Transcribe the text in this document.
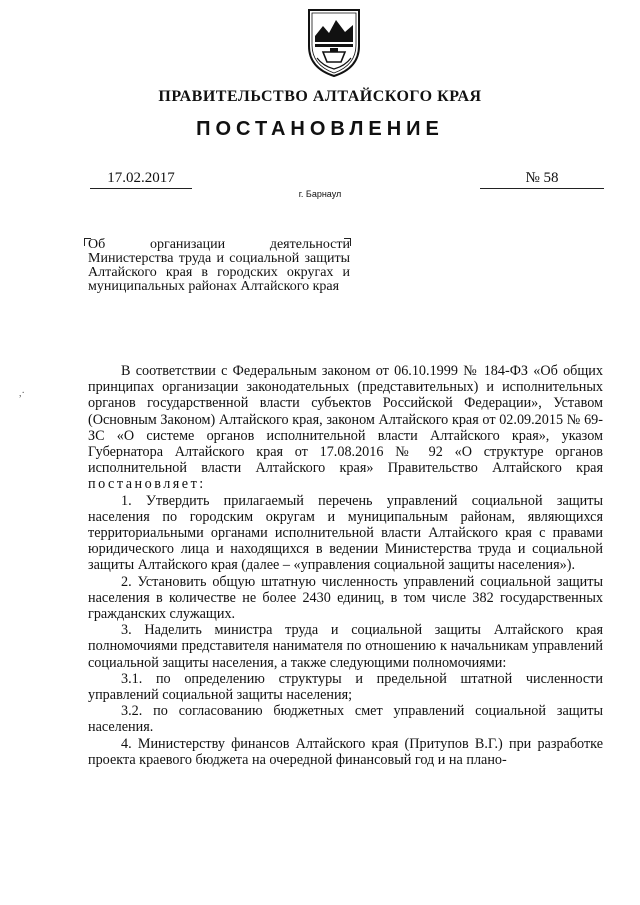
ПРАВИТЕЛЬСТВО АЛТАЙСКОГО КРАЯ
ПОСТАНОВЛЕНИЕ
17.02.2017	№ 58
г. Барнаул
Об организации деятельности Министерства труда и социальной защиты Алтайского края в городских округах и муниципальных районах Алтайского края
,·

В соответствии с Федеральным законом от 06.10.1999 № 184-ФЗ «Об общих принципах организации законодательных (представительных) и исполнительных органов государственной власти субъектов Российской Федерации», Уставом (Основным Законом) Алтайского края, законом Алтайского края от 02.09.2015 № 69-ЗС «О системе органов исполнительной власти Алтайского края», указом Губернатора Алтайского края от 17.08.2016 № 92 «О структуре органов исполнительной власти Алтайского края» Правительство Алтайского края постановляет:

1. Утвердить прилагаемый перечень управлений социальной защиты населения по городским округам и муниципальным районам, являющихся территориальными органами исполнительной власти Алтайского края с правами юридического лица и находящихся в ведении Министерства труда и социальной защиты Алтайского края (далее – «управления социальной защиты населения»).

2. Установить общую штатную численность управлений социальной защиты населения в количестве не более 2430 единиц, в том числе 382 государственных гражданских служащих.

3. Наделить министра труда и социальной защиты Алтайского края полномочиями представителя нанимателя по отношению к начальникам управлений социальной защиты населения, а также следующими полномочиями:

3.1. по определению структуры и предельной штатной численности управлений социальной защиты населения;

3.2. по согласованию бюджетных смет управлений социальной защиты населения.

4. Министерству финансов Алтайского края (Притупов В.Г.) при разработке проекта краевого бюджета на очередной финансовый год и на плано-
